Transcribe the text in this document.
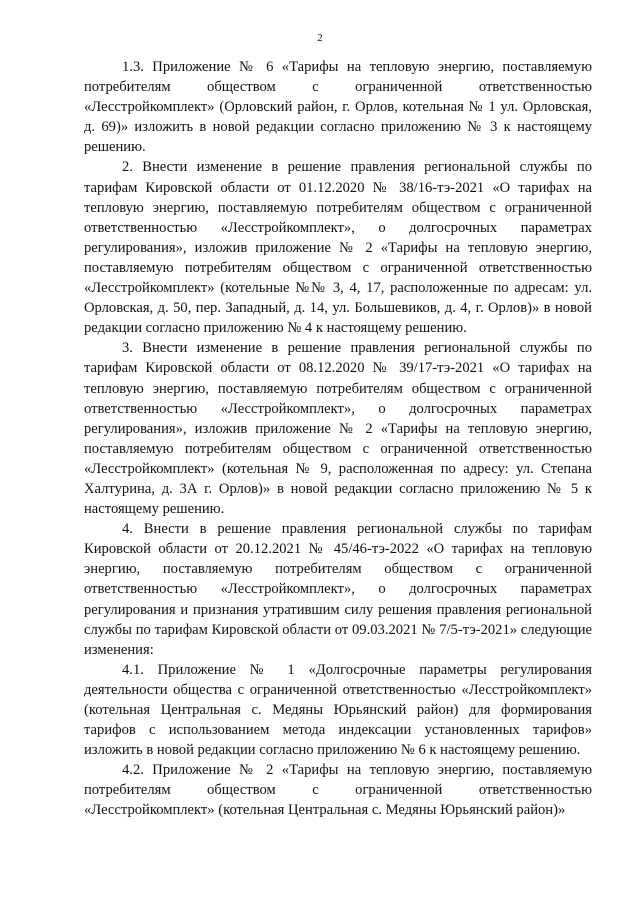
2

1.3. Приложение № 6 «Тарифы на тепловую энергию, поставляемую потребителям обществом с ограниченной ответственностью «Лесстройкомплект» (Орловский район, г. Орлов, котельная № 1 ул. Орловская, д. 69)» изложить в новой редакции согласно приложению № 3 к настоящему решению.

2. Внести изменение в решение правления региональной службы по тарифам Кировской области от 01.12.2020 № 38/16-тэ-2021 «О тарифах на тепловую энергию, поставляемую потребителям обществом с ограниченной ответственностью «Лесстройкомплект», о долгосрочных параметрах регулирования», изложив приложение № 2 «Тарифы на тепловую энергию, поставляемую потребителям обществом с ограниченной ответственностью «Лесстройкомплект» (котельные №№ 3, 4, 17, расположенные по адресам: ул. Орловская, д. 50, пер. Западный, д. 14, ул. Большевиков, д. 4, г. Орлов)» в новой редакции согласно приложению № 4 к настоящему решению.

3. Внести изменение в решение правления региональной службы по тарифам Кировской области от 08.12.2020 № 39/17-тэ-2021 «О тарифах на тепловую энергию, поставляемую потребителям обществом с ограниченной ответственностью «Лесстройкомплект», о долгосрочных параметрах регулирования», изложив приложение № 2 «Тарифы на тепловую энергию, поставляемую потребителям обществом с ограниченной ответственностью «Лесстройкомплект» (котельная № 9, расположенная по адресу: ул. Степана Халтурина, д. 3А г. Орлов)» в новой редакции согласно приложению № 5 к настоящему решению.

4. Внести в решение правления региональной службы по тарифам Кировской области от 20.12.2021 № 45/46-тэ-2022 «О тарифах на тепловую энергию, поставляемую потребителям обществом с ограниченной ответственностью «Лесстройкомплект», о долгосрочных параметрах регулирования и признания утратившим силу решения правления региональной службы по тарифам Кировской области от 09.03.2021 № 7/5-тэ-2021» следующие изменения:

4.1. Приложение № 1 «Долгосрочные параметры регулирования деятельности общества с ограниченной ответственностью «Лесстройкомплект» (котельная Центральная с. Медяны Юрьянский район) для формирования тарифов с использованием метода индексации установленных тарифов» изложить в новой редакции согласно приложению № 6 к настоящему решению.

4.2. Приложение № 2 «Тарифы на тепловую энергию, поставляемую потребителям обществом с ограниченной ответственностью «Лесстройкомплект» (котельная Центральная с. Медяны Юрьянский район)»
